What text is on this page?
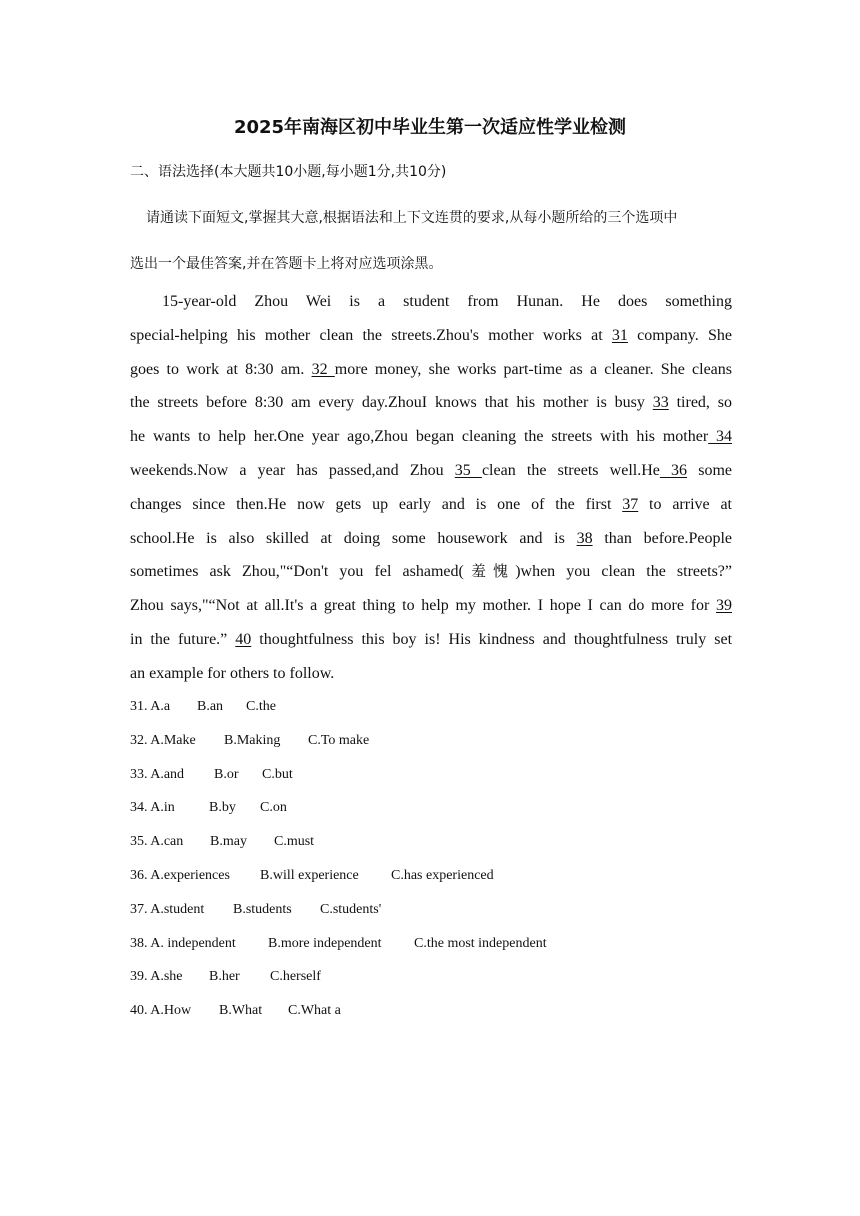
2025年南海区初中毕业生第一次适应性学业检测
二、语法选择(本大题共10小题,每小题1分,共10分)
请通读下面短文,掌握其大意,根据语法和上下文连贯的要求,从每小题所给的三个选项中
选出一个最佳答案,并在答题卡上将对应选项涂黑。
15-year-old Zhou Wei is a student from Hunan. He does something
special-helping his mother clean the streets.Zhou's mother works at 31 company. She
goes to work at 8:30 am. 32 more money, she works part-time as a cleaner. She cleans
the streets before 8:30 am every day.ZhouI knows that his mother is busy 33 tired, so
he wants to help her.One year ago,Zhou began cleaning the streets with his mother 34
weekends.Now a year has passed,and Zhou 35 clean the streets well.He 36 some
changes since then.He now gets up early and is one of the first 37 to arrive at
school.He is also skilled at doing some housework and is 38 than before.People
sometimes ask Zhou,"“Don't you fel ashamed(羞愧)when you clean the streets?”
Zhou says,"“Not at all.It's a great thing to help my mother. I hope I can do more for 39
in the future.” 40 thoughtfulness this boy is! His kindness and thoughtfulness truly set
an example for others to follow.
31. A.a B.an C.the
32. A.Make B.Making C.To make
33. A.and B.or C.but
34. A.in B.by C.on
35. A.can B.may C.must
36. A.experiences B.will experience C.has experienced
37. A.student B.students C.students'
38. A. independent B.more independent C.the most independent
39. A.she B.her C.herself
40. A.How B.What C.What a
